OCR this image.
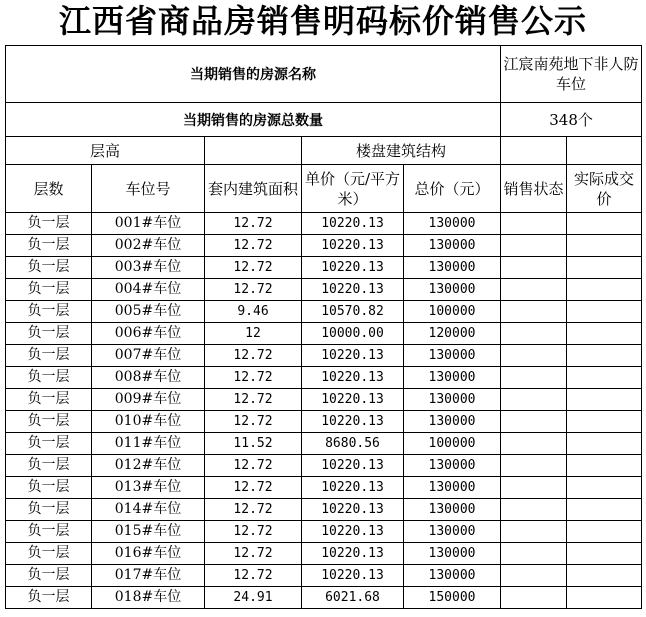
江西省商品房销售明码标价销售公示
当期销售的房源名称					江宸南苑地下非人防车位	
当期销售的房源总数量					348个	
层高			楼盘建筑结构			
层数	车位号	套内建筑面积	单价（元/平方米）	总价（元）	销售状态	实际成交价
负一层	001#车位	12.72	10220.13	130000		
负一层	002#车位	12.72	10220.13	130000		
负一层	003#车位	12.72	10220.13	130000		
负一层	004#车位	12.72	10220.13	130000		
负一层	005#车位	9.46	10570.82	100000		
负一层	006#车位	12	10000.00	120000		
负一层	007#车位	12.72	10220.13	130000		
负一层	008#车位	12.72	10220.13	130000		
负一层	009#车位	12.72	10220.13	130000		
负一层	010#车位	12.72	10220.13	130000		
负一层	011#车位	11.52	8680.56	100000		
负一层	012#车位	12.72	10220.13	130000		
负一层	013#车位	12.72	10220.13	130000		
负一层	014#车位	12.72	10220.13	130000		
负一层	015#车位	12.72	10220.13	130000		
负一层	016#车位	12.72	10220.13	130000		
负一层	017#车位	12.72	10220.13	130000		
负一层	018#车位	24.91	6021.68	150000		
